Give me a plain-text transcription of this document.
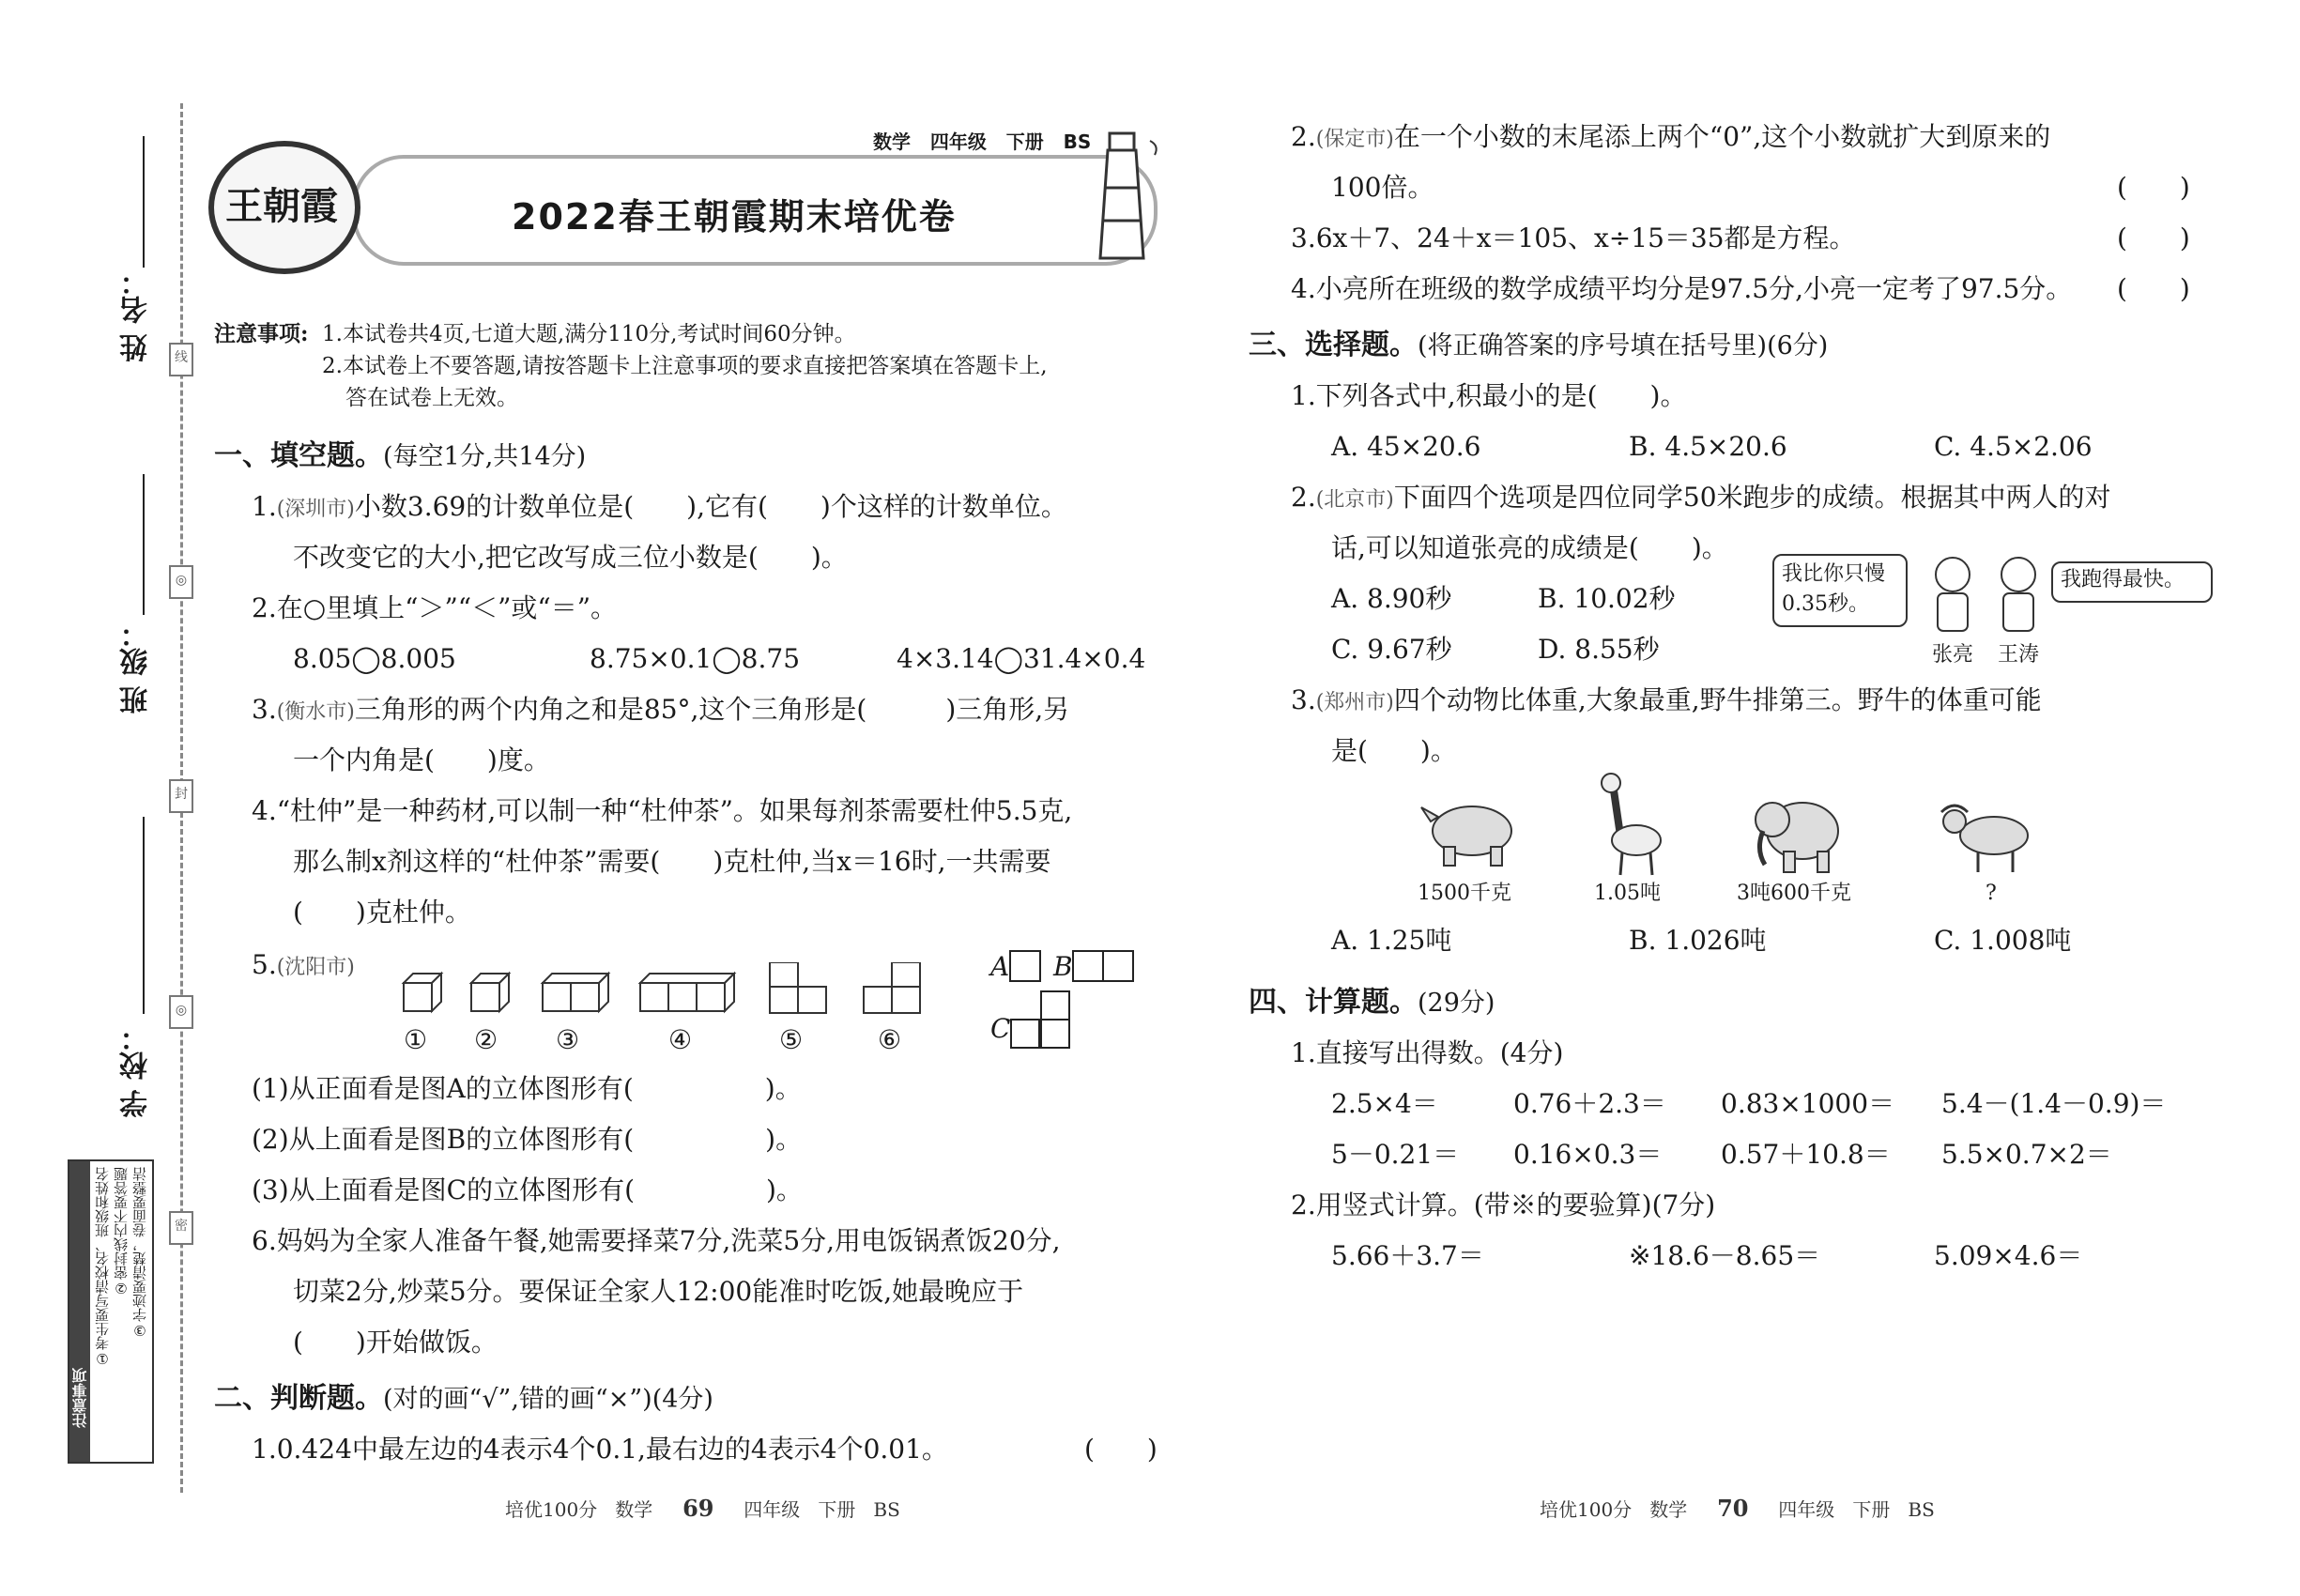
线
◎
封
◎
密
姓 名：
班 级：
学 校：
注意事项
①考生要写清校名、班级和姓名 ②密封线内不要答题 ③字迹要清楚，卷面要整洁
王朝霞	2022春王朝霞期末培优卷
数学 四年级 下册 BS
注意事项: 1.本试卷共4页,七道大题,满分110分,考试时间60分钟。
2.本试卷上不要答题,请按答题卡上注意事项的要求直接把答案填在答题卡上,
答在试卷上无效。
一、填空题。(每空1分,共14分)
1.(深圳市)小数3.69的计数单位是(　　),它有(　　)个这样的计数单位。
不改变它的大小,把它改写成三位小数是(　　)。
2.在○里填上“＞”“＜”或“＝”。
8.05◯8.005	8.75×0.1◯8.75	4×3.14◯31.4×0.4
3.(衡水市)三角形的两个内角之和是85°,这个三角形是(　　　)三角形,另
一个内角是(　　)度。
4.“杜仲”是一种药材,可以制一种“杜仲茶”。如果每剂茶需要杜仲5.5克,
那么制x剂这样的“杜仲茶”需要(　　)克杜仲,当x＝16时,一共需要
(　　)克杜仲。
5.(沈阳市)
① ② ③	④	⑤	⑥
A B
C
(1)从正面看是图A的立体图形有(　　　　　)。
(2)从上面看是图B的立体图形有(　　　　　)。
(3)从上面看是图C的立体图形有(　　　　　)。
6.妈妈为全家人准备午餐,她需要择菜7分,洗菜5分,用电饭锅煮饭20分,
切菜2分,炒菜5分。要保证全家人12:00能准时吃饭,她最晚应于
(　　)开始做饭。
二、判断题。(对的画“√”,错的画“×”)(4分)
1.0.424中最左边的4表示4个0.1,最右边的4表示4个0.01。	(　　)
2.(保定市)在一个小数的末尾添上两个“0”,这个小数就扩大到原来的
100倍。	(　　)
3.6x＋7、24＋x＝105、x÷15＝35都是方程。	(　　)
4.小亮所在班级的数学成绩平均分是97.5分,小亮一定考了97.5分。 (　　)
三、选择题。(将正确答案的序号填在括号里)(6分)
1.下列各式中,积最小的是(　　)。
A. 45×20.6	B. 4.5×20.6	C. 4.5×2.06
2.(北京市)下面四个选项是四位同学50米跑步的成绩。根据其中两人的对
话,可以知道张亮的成绩是(　　)。
A. 8.90秒	B. 10.02秒
C. 9.67秒	D. 8.55秒
我比你只慢
0.35秒。
我跑得最快。
张亮 王涛
3.(郑州市)四个动物比体重,大象最重,野牛排第三。野牛的体重可能
是(　　)。
1500千克	1.05吨	3吨600千克	?
A. 1.25吨	B. 1.026吨	C. 1.008吨
四、计算题。(29分)
1.直接写出得数。(4分)
2.5×4＝	0.76＋2.3＝ 0.83×1000＝ 5.4－(1.4－0.9)＝
5－0.21＝ 0.16×0.3＝ 0.57＋10.8＝ 5.5×0.7×2＝
2.用竖式计算。(带※的要验算)(7分)
5.66＋3.7＝	※18.6－8.65＝	5.09×4.6＝
培优100分 数学 69 四年级 下册 BS	培优100分 数学 70 四年级 下册 BS
